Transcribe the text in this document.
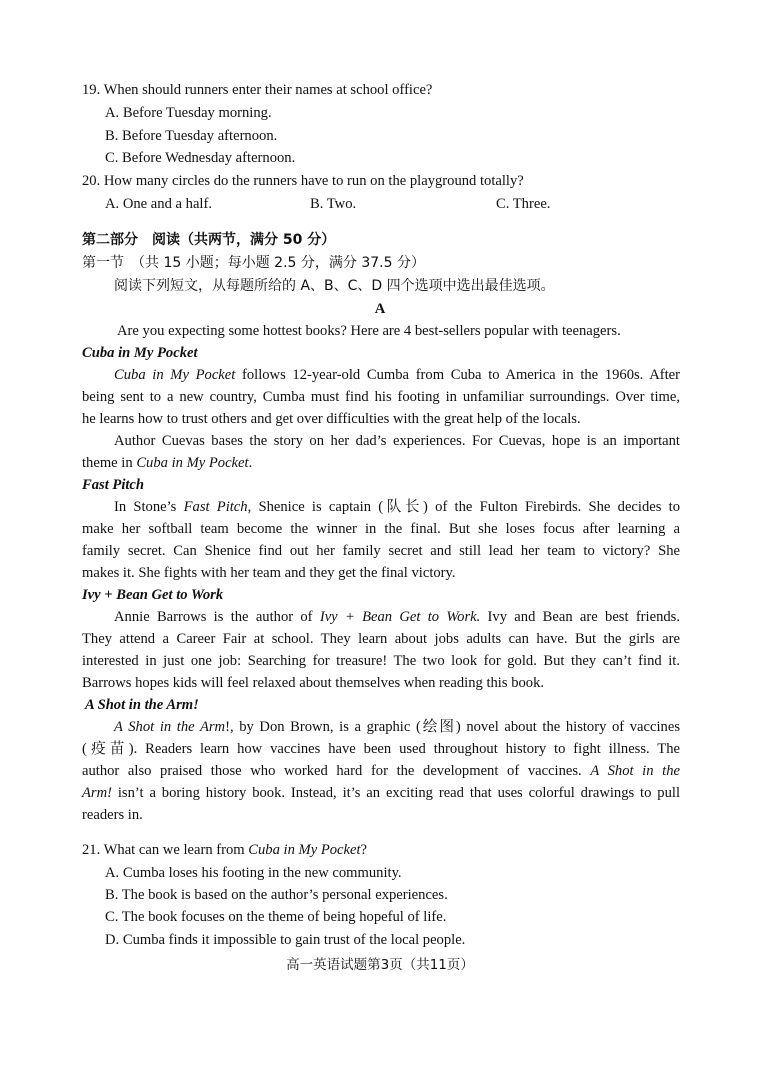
19. When should runners enter their names at school office?
A. Before Tuesday morning.
B. Before Tuesday afternoon.
C. Before Wednesday afternoon.
20. How many circles do the runners have to run on the playground totally?
A. One and a half.	B. Two.	C. Three.
第二部分　阅读（共两节，满分 50 分）
第一节　（共 15 小题；每小题 2.5 分，满分 37.5 分）
阅读下列短文，从每题所给的 A、B、C、D 四个选项中选出最佳选项。
A
Are you expecting some hottest books? Here are 4 best-sellers popular with teenagers.
Cuba in My Pocket
Cuba in My Pocket follows 12-year-old Cumba from Cuba to America in the 1960s. After
being sent to a new country, Cumba must find his footing in unfamiliar surroundings. Over time,
he learns how to trust others and get over difficulties with the great help of the locals.
Author Cuevas bases the story on her dad’s experiences. For Cuevas, hope is an important
theme in Cuba in My Pocket.
Fast Pitch
In Stone’s Fast Pitch, Shenice is captain (队长) of the Fulton Firebirds. She decides to
make her softball team become the winner in the final. But she loses focus after learning a
family secret. Can Shenice find out her family secret and still lead her team to victory? She
makes it. She fights with her team and they get the final victory.
Ivy + Bean Get to Work
Annie Barrows is the author of Ivy + Bean Get to Work. Ivy and Bean are best friends.
They attend a Career Fair at school. They learn about jobs adults can have. But the girls are
interested in just one job: Searching for treasure! The two look for gold. But they can’t find it.
Barrows hopes kids will feel relaxed about themselves when reading this book.
A Shot in the Arm!
A Shot in the Arm!, by Don Brown, is a graphic (绘图) novel about the history of vaccines
(疫苗). Readers learn how vaccines have been used throughout history to fight illness. The
author also praised those who worked hard for the development of vaccines. A Shot in the
Arm! isn’t a boring history book. Instead, it’s an exciting read that uses colorful drawings to pull
readers in.
21. What can we learn from Cuba in My Pocket?
A. Cumba loses his footing in the new community.
B. The book is based on the author’s personal experiences.
C. The book focuses on the theme of being hopeful of life.
D. Cumba finds it impossible to gain trust of the local people.
高一英语试题第3页（共11页）
